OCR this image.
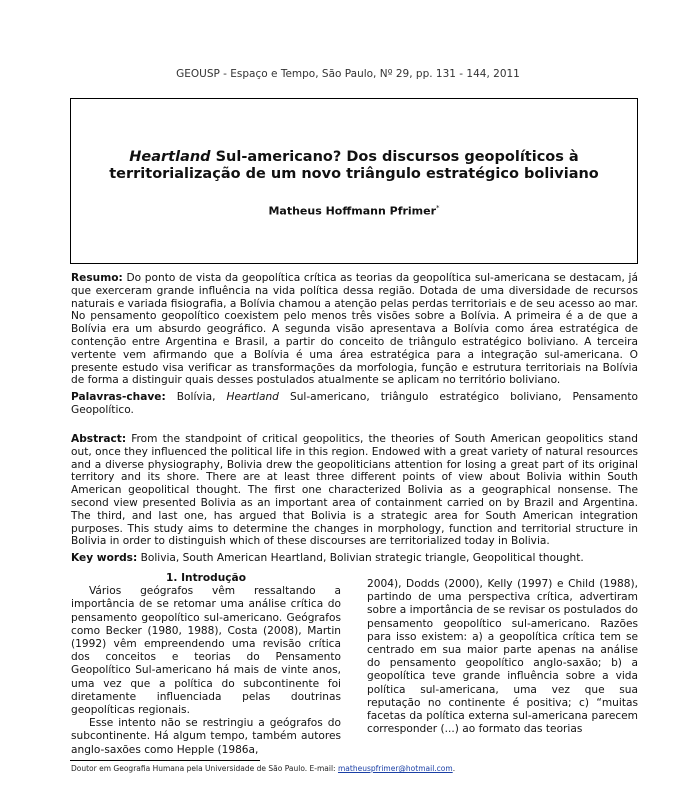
GEOUSP - Espaço e Tempo, São Paulo, Nº 29, pp. 131 - 144, 2011
Heartland Sul-americano? Dos discursos geopolíticos à
territorialização de um novo triângulo estratégico boliviano
Matheus Hoffmann Pfrimer*
Resumo: Do ponto de vista da geopolítica crítica as teorias da geopolítica sul-americana se destacam, já que exerceram grande influência na vida política dessa região. Dotada de uma diversidade de recursos naturais e variada fisiografia, a Bolívia chamou a atenção pelas perdas territoriais e de seu acesso ao mar. No pensamento geopolítico coexistem pelo menos três visões sobre a Bolívia. A primeira é a de que a Bolívia era um absurdo geográfico. A segunda visão apresentava a Bolívia como área estratégica de contenção entre Argentina e Brasil, a partir do conceito de triângulo estratégico boliviano. A terceira vertente vem afirmando que a Bolívia é uma área estratégica para a integração sul-americana. O presente estudo visa verificar as transformações da morfologia, função e estrutura territoriais na Bolívia de forma a distinguir quais desses postulados atualmente se aplicam no território boliviano.
Palavras-chave: Bolívia, Heartland Sul-americano, triângulo estratégico boliviano, Pensamento Geopolítico.
Abstract: From the standpoint of critical geopolitics, the theories of South American geopolitics stand out, once they influenced the political life in this region. Endowed with a great variety of natural resources and a diverse physiography, Bolivia drew the geopoliticians attention for losing a great part of its original territory and its shore. There are at least three different points of view about Bolivia within South American geopolitical thought. The first one characterized Bolivia as a geographical nonsense. The second view presented Bolivia as an important area of containment carried on by Brazil and Argentina. The third, and last one, has argued that Bolivia is a strategic area for South American integration purposes. This study aims to determine the changes in morphology, function and territorial structure in Bolivia in order to distinguish which of these discourses are territorialized today in Bolivia.
Key words: Bolivia, South American Heartland, Bolivian strategic triangle, Geopolitical thought.
1. Introdução

Vários geógrafos vêm ressaltando a importância de se retomar uma análise crítica do pensamento geopolítico sul-americano. Geógrafos como Becker (1980, 1988), Costa (2008), Martin (1992) vêm empreendendo uma revisão crítica dos conceitos e teorias do Pensamento Geopolítico Sul-americano há mais de vinte anos, uma vez que a política do subcontinente foi diretamente influenciada pelas doutrinas geopolíticas regionais.

Esse intento não se restringiu a geógrafos do subcontinente. Há algum tempo, também autores anglo-saxões como Hepple (1986a,

2004), Dodds (2000), Kelly (1997) e Child (1988), partindo de uma perspectiva crítica, advertiram sobre a importância de se revisar os postulados do pensamento geopolítico sul-americano. Razões para isso existem: a) a geopolítica crítica tem se centrado em sua maior parte apenas na análise do pensamento geopolítico anglo-saxão; b) a geopolítica teve grande influência sobre a vida política sul-americana, uma vez que sua reputação no continente é positiva; c) “muitas facetas da política externa sul-americana parecem corresponder (...) ao formato das teorias

Doutor em Geografia Humana pela Universidade de São Paulo. E-mail: matheuspfrimer@hotmail.com.
